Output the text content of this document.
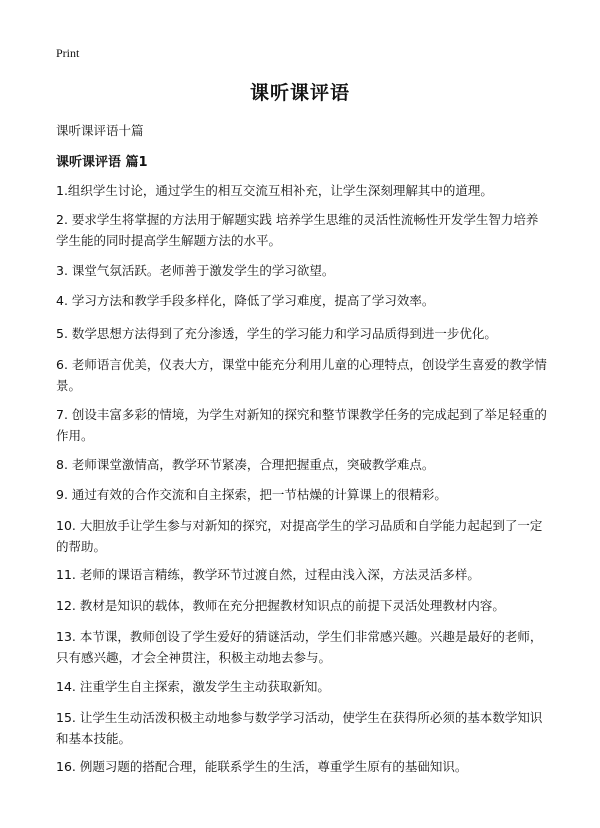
Print
课听课评语
课听课评语十篇
课听课评语 篇1

1.组织学生讨论，通过学生的相互交流互相补充，让学生深刻理解其中的道理。

2. 要求学生将掌握的方法用于解题实践 培养学生思维的灵活性流畅性开发学生智力培养学生能的同时提高学生解题方法的水平。

3. 课堂气氛活跃。老师善于激发学生的学习欲望。

4. 学习方法和教学手段多样化，降低了学习难度，提高了学习效率。

5. 数学思想方法得到了充分渗透，学生的学习能力和学习品质得到进一步优化。

6. 老师语言优美，仪表大方，课堂中能充分利用儿童的心理特点，创设学生喜爱的教学情景。

7. 创设丰富多彩的情境，为学生对新知的探究和整节课教学任务的完成起到了举足轻重的作用。

8. 老师课堂激情高，教学环节紧凑，合理把握重点，突破教学难点。

9. 通过有效的合作交流和自主探索，把一节枯燥的计算课上的很精彩。

10. 大胆放手让学生参与对新知的探究，对提高学生的学习品质和自学能力起起到了一定的帮助。

11. 老师的课语言精练，教学环节过渡自然，过程由浅入深，方法灵活多样。

12. 教材是知识的载体，教师在充分把握教材知识点的前提下灵活处理教材内容。

13. 本节课，教师创设了学生爱好的猜谜活动，学生们非常感兴趣。兴趣是最好的老师，只有感兴趣，才会全神贯注，积极主动地去参与。

14. 注重学生自主探索，激发学生主动获取新知。

15. 让学生生动活泼积极主动地参与数学学习活动，使学生在获得所必须的基本数学知识和基本技能。

16. 例题习题的搭配合理，能联系学生的生活，尊重学生原有的基础知识。
